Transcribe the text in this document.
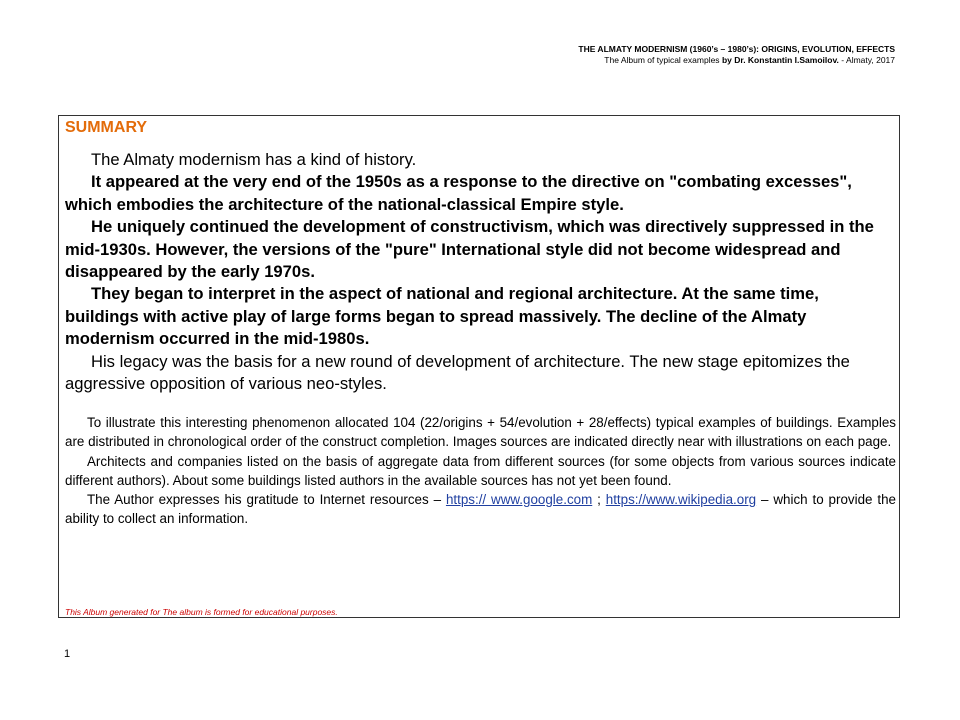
THE ALMATY MODERNISM (1960’s – 1980’s): ORIGINS, EVOLUTION, EFFECTS
The Album of typical examples by Dr. Konstantin I.Samoilov. - Almaty, 2017
SUMMARY

The Almaty modernism has a kind of history.

It appeared at the very end of the 1950s as a response to the directive on "combating excesses", which embodies the architecture of the national-classical Empire style.

He uniquely continued the development of constructivism, which was directively suppressed in the mid-1930s. However, the versions of the "pure" International style did not become widespread and disappeared by the early 1970s.

They began to interpret in the aspect of national and regional architecture. At the same time, buildings with active play of large forms began to spread massively. The decline of the Almaty modernism occurred in the mid-1980s.

His legacy was the basis for a new round of development of architecture. The new stage epitomizes the aggressive opposition of various neo-styles.

To illustrate this interesting phenomenon allocated 104 (22/origins + 54/evolution + 28/effects) typical examples of buildings. Examples are distributed in chronological order of the construct completion. Images sources are indicated directly near with illustrations on each page.

Architects and companies listed on the basis of aggregate data from different sources (for some objects from various sources indicate different authors). About some buildings listed authors in the available sources has not yet been found.

The Author expresses his gratitude to Internet resources – https:// www.google.com ; https://www.wikipedia.org – which to provide the ability to collect an information.

This Album generated for The album is formed for educational purposes.
1
